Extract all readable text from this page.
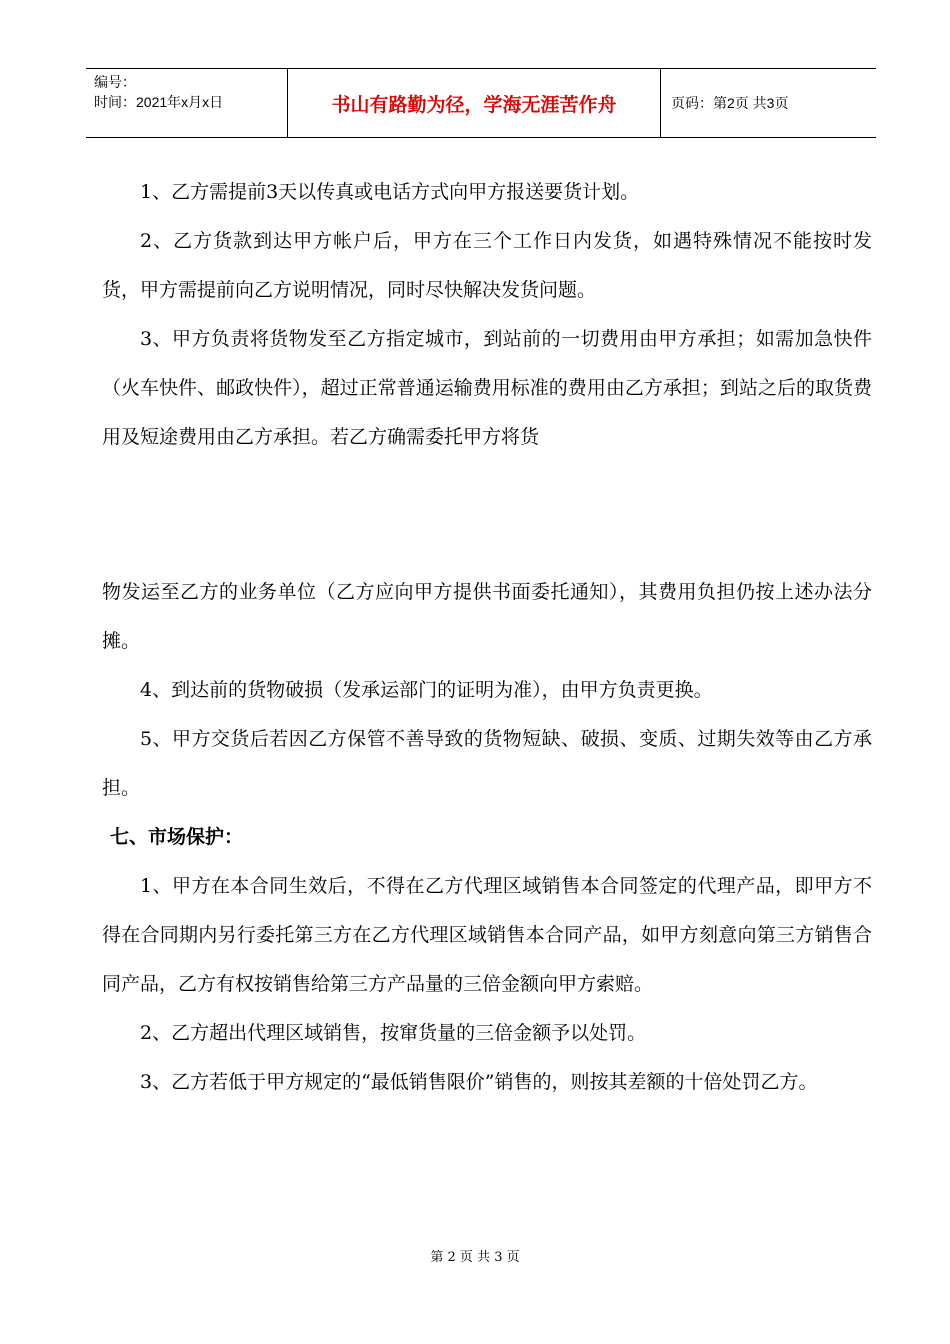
编号：
时间：2021年x月x日	书山有路勤为径，学海无涯苦作舟	页码：第2页 共3页

1、乙方需提前3天以传真或电话方式向甲方报送要货计划。

2、乙方货款到达甲方帐户后，甲方在三个工作日内发货，如遇特殊情况不能按时发货，甲方需提前向乙方说明情况，同时尽快解决发货问题。

3、甲方负责将货物发至乙方指定城市，到站前的一切费用由甲方承担；如需加急快件（火车快件、邮政快件），超过正常普通运输费用标准的费用由乙方承担；到站之后的取货费用及短途费用由乙方承担。若乙方确需委托甲方将货

物发运至乙方的业务单位（乙方应向甲方提供书面委托通知），其费用负担仍按上述办法分摊。

4、到达前的货物破损（发承运部门的证明为准），由甲方负责更换。

5、甲方交货后若因乙方保管不善导致的货物短缺、破损、变质、过期失效等由乙方承担。

七、市场保护：

1、甲方在本合同生效后，不得在乙方代理区域销售本合同签定的代理产品，即甲方不得在合同期内另行委托第三方在乙方代理区域销售本合同产品，如甲方刻意向第三方销售合同产品，乙方有权按销售给第三方产品量的三倍金额向甲方索赔。

2、乙方超出代理区域销售，按窜货量的三倍金额予以处罚。

3、乙方若低于甲方规定的“最低销售限价”销售的，则按其差额的十倍处罚乙方。

第 2 页 共 3 页
